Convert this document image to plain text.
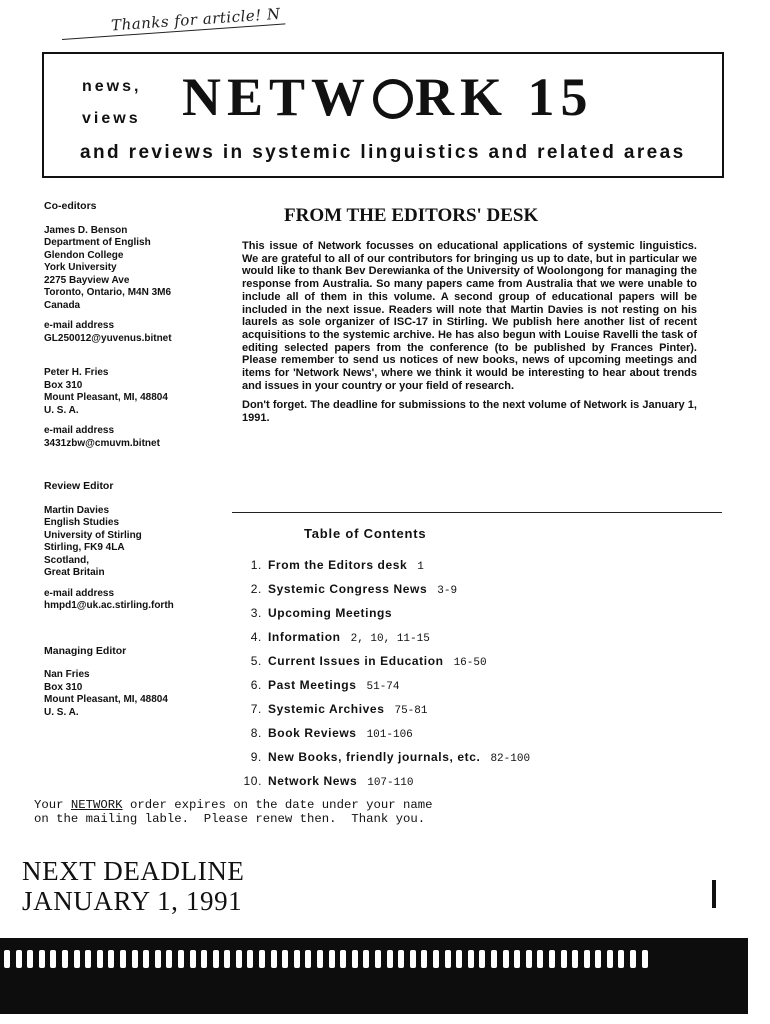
Thanks for article! N
news,
views NETW RK 15
and reviews in systemic linguistics and related areas
Co-editors
James D. Benson
Department of English
Glendon College
York University
2275 Bayview Ave
Toronto, Ontario, M4N 3M6
Canada
e-mail address
GL250012@yuvenus.bitnet
Peter H. Fries
Box 310
Mount Pleasant, MI, 48804
U. S. A.
e-mail address
3431zbw@cmuvm.bitnet
Review Editor
Martin Davies
English Studies
University of Stirling
Stirling, FK9 4LA
Scotland,
Great Britain
e-mail address
hmpd1@uk.ac.stirling.forth
Managing Editor
Nan Fries
Box 310
Mount Pleasant, MI, 48804
U. S. A.
FROM THE EDITORS' DESK

This issue of Network focusses on educational applications of systemic linguistics. We are grateful to all of our contributors for bringing us up to date, but in particular we would like to thank Bev Derewianka of the University of Woolongong for managing the response from Australia. So many papers came from Australia that we were unable to include all of them in this volume. A second group of educational papers will be included in the next issue. Readers will note that Martin Davies is not resting on his laurels as sole organizer of ISC-17 in Stirling. We publish here another list of recent acquisitions to the systemic archive. He has also begun with Louise Ravelli the task of editing selected papers from the conference (to be published by Frances Pinter). Please remember to send us notices of new books, news of upcoming meetings and items for 'Network News', where we think it would be interesting to hear about trends and issues in your country or your field of research.

Don't forget. The deadline for submissions to the next volume of Network is January 1, 1991.

Table of Contents
1. From the Editors desk 1
2. Systemic Congress News 3-9
3. Upcoming Meetings
4. Information 2, 10, 11-15
5. Current Issues in Education 16-50
6. Past Meetings 51-74
7. Systemic Archives 75-81
8. Book Reviews 101-106
9. New Books, friendly journals, etc. 82-100
10. Network News 107-110
Your NETWORK order expires on the date under your name
on the mailing lable.  Please renew then.  Thank you.
NEXT DEADLINE
JANUARY 1, 1991
